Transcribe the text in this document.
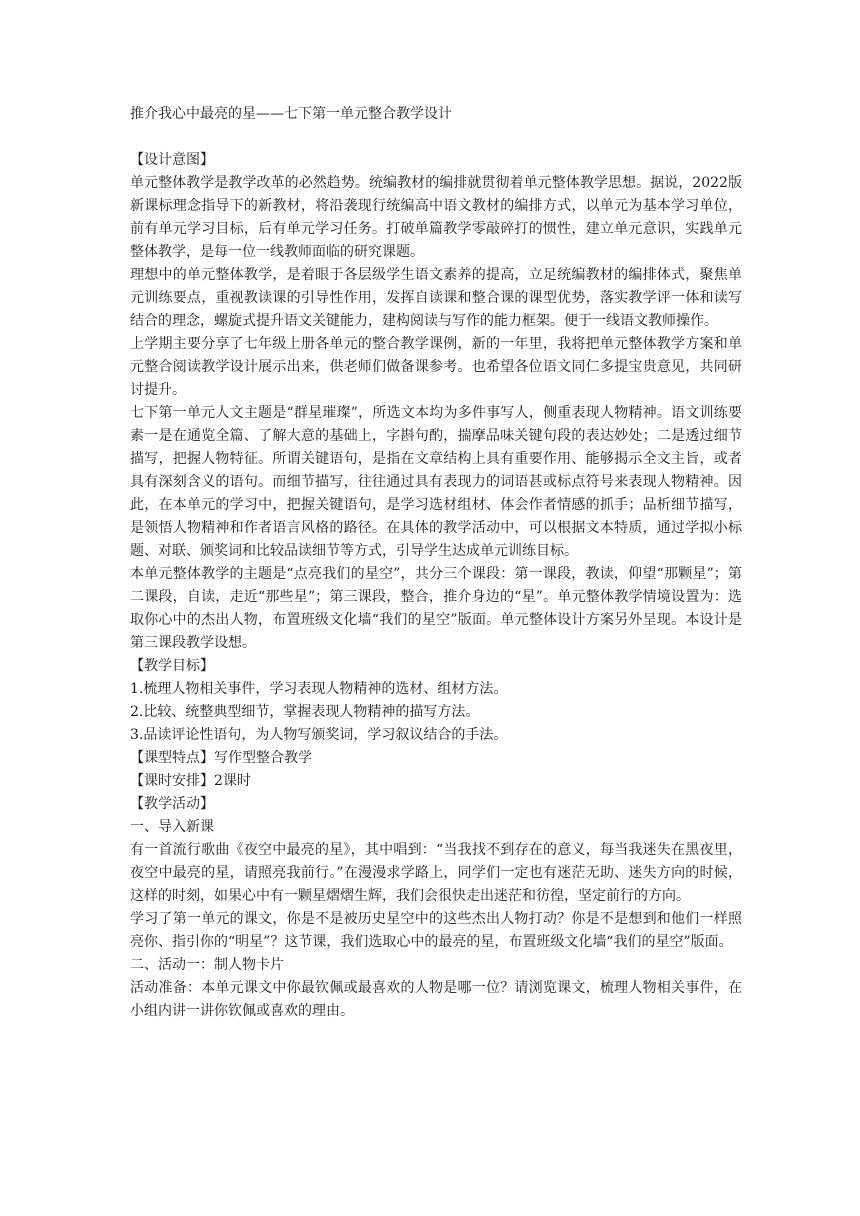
推介我心中最亮的星——七下第一单元整合教学设计

【设计意图】

单元整体教学是教学改革的必然趋势。统编教材的编排就贯彻着单元整体教学思想。据说，2022版新课标理念指导下的新教材，将沿袭现行统编高中语文教材的编排方式，以单元为基本学习单位，前有单元学习目标，后有单元学习任务。打破单篇教学零敲碎打的惯性，建立单元意识，实践单元整体教学，是每一位一线教师面临的研究课题。

理想中的单元整体教学，是着眼于各层级学生语文素养的提高，立足统编教材的编排体式，聚焦单元训练要点，重视教读课的引导性作用，发挥自读课和整合课的课型优势，落实教学评一体和读写结合的理念，螺旋式提升语文关键能力，建构阅读与写作的能力框架。便于一线语文教师操作。

上学期主要分享了七年级上册各单元的整合教学课例，新的一年里，我将把单元整体教学方案和单元整合阅读教学设计展示出来，供老师们做备课参考。也希望各位语文同仁多提宝贵意见，共同研讨提升。

七下第一单元人文主题是“群星璀璨”，所选文本均为多件事写人，侧重表现人物精神。语文训练要素一是在通览全篇、了解大意的基础上，字斟句酌，揣摩品味关键句段的表达妙处；二是透过细节描写，把握人物特征。所谓关键语句，是指在文章结构上具有重要作用、能够揭示全文主旨，或者具有深刻含义的语句。而细节描写，往往通过具有表现力的词语甚或标点符号来表现人物精神。因此，在本单元的学习中，把握关键语句，是学习选材组材、体会作者情感的抓手；品析细节描写，是领悟人物精神和作者语言风格的路径。在具体的教学活动中，可以根据文本特质，通过学拟小标题、对联、颁奖词和比较品读细节等方式，引导学生达成单元训练目标。

本单元整体教学的主题是“点亮我们的星空”，共分三个课段：第一课段，教读，仰望“那颗星”；第二课段，自读，走近“那些星”；第三课段，整合，推介身边的“星”。单元整体教学情境设置为：选取你心中的杰出人物，布置班级文化墙“我们的星空”版面。单元整体设计方案另外呈现。本设计是第三课段教学设想。

【教学目标】

1.梳理人物相关事件，学习表现人物精神的选材、组材方法。

2.比较、统整典型细节，掌握表现人物精神的描写方法。

3.品读评论性语句，为人物写颁奖词，学习叙议结合的手法。

【课型特点】写作型整合教学

【课时安排】2课时

【教学活动】

一、导入新课

有一首流行歌曲《夜空中最亮的星》，其中唱到：“当我找不到存在的意义，每当我迷失在黑夜里，夜空中最亮的星，请照亮我前行。”在漫漫求学路上，同学们一定也有迷茫无助、迷失方向的时候，这样的时刻，如果心中有一颗星熠熠生辉，我们会很快走出迷茫和彷徨，坚定前行的方向。

学习了第一单元的课文，你是不是被历史星空中的这些杰出人物打动？你是不是想到和他们一样照亮你、指引你的“明星”？这节课，我们选取心中的最亮的星，布置班级文化墙“我们的星空”版面。

二、活动一：制人物卡片

活动准备：本单元课文中你最钦佩或最喜欢的人物是哪一位？请浏览课文，梳理人物相关事件，在小组内讲一讲你钦佩或喜欢的理由。
